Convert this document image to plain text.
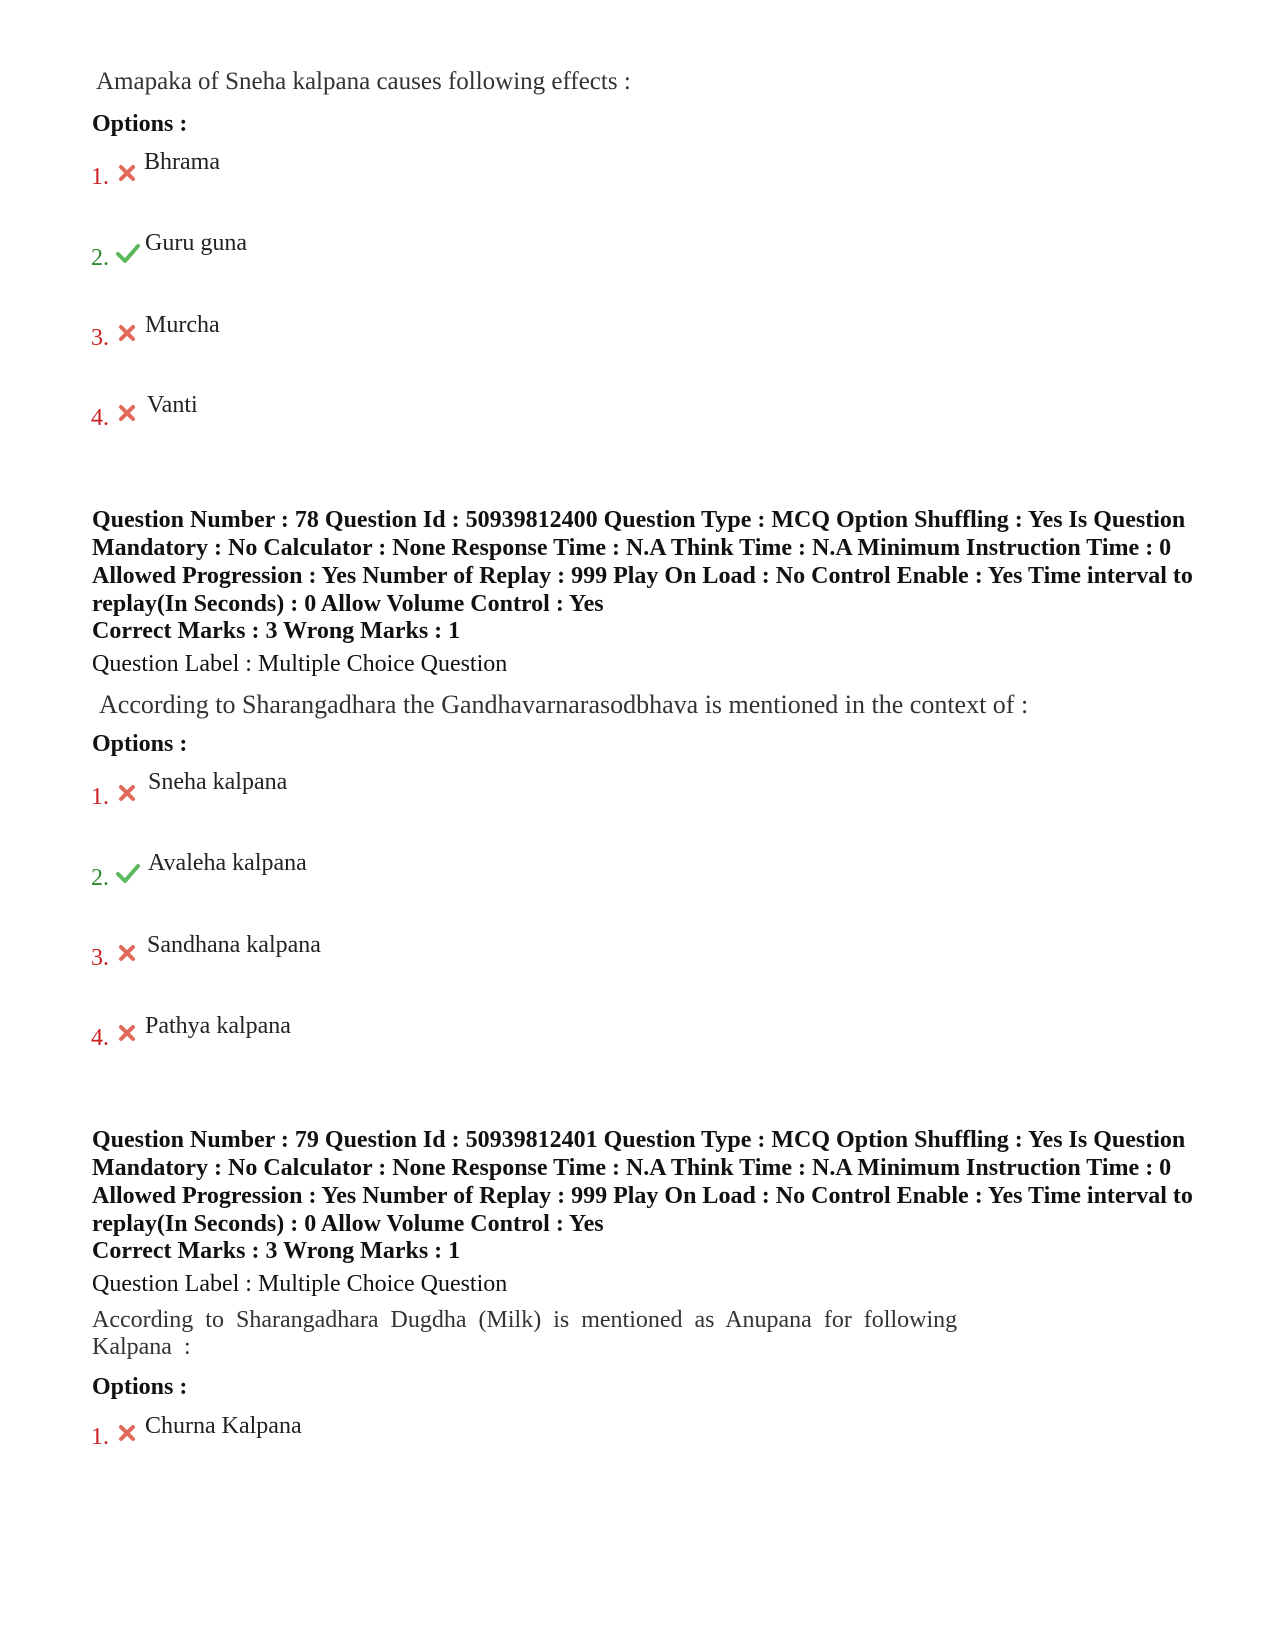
Amapaka of Sneha kalpana causes following effects :
Options :
1.
Bhrama
2.
Guru guna
3. Murcha
4. Vanti
Question Number : 78 Question Id : 50939812400 Question Type : MCQ Option Shuffling : Yes Is Question Mandatory : No Calculator : None Response Time : N.A Think Time : N.A Minimum Instruction Time : 0 Allowed Progression : Yes Number of Replay : 999 Play On Load : No Control Enable : Yes Time interval to replay(In Seconds) : 0 Allow Volume Control : Yes
Correct Marks : 3 Wrong Marks : 1
Question Label : Multiple Choice Question
According to Sharangadhara the Gandhavarnarasodbhava is mentioned in the context of :
Options :
1.
Sneha kalpana
2.
Avaleha kalpana
3. Sandhana kalpana
4. Pathya kalpana
Question Number : 79 Question Id : 50939812401 Question Type : MCQ Option Shuffling : Yes Is Question Mandatory : No Calculator : None Response Time : N.A Think Time : N.A Minimum Instruction Time : 0 Allowed Progression : Yes Number of Replay : 999 Play On Load : No Control Enable : Yes Time interval to replay(In Seconds) : 0 Allow Volume Control : Yes
Correct Marks : 3 Wrong Marks : 1
Question Label : Multiple Choice Question
According to Sharangadhara Dugdha (Milk) is mentioned as Anupana for following Kalpana :
Options :
1. Churna Kalpana
